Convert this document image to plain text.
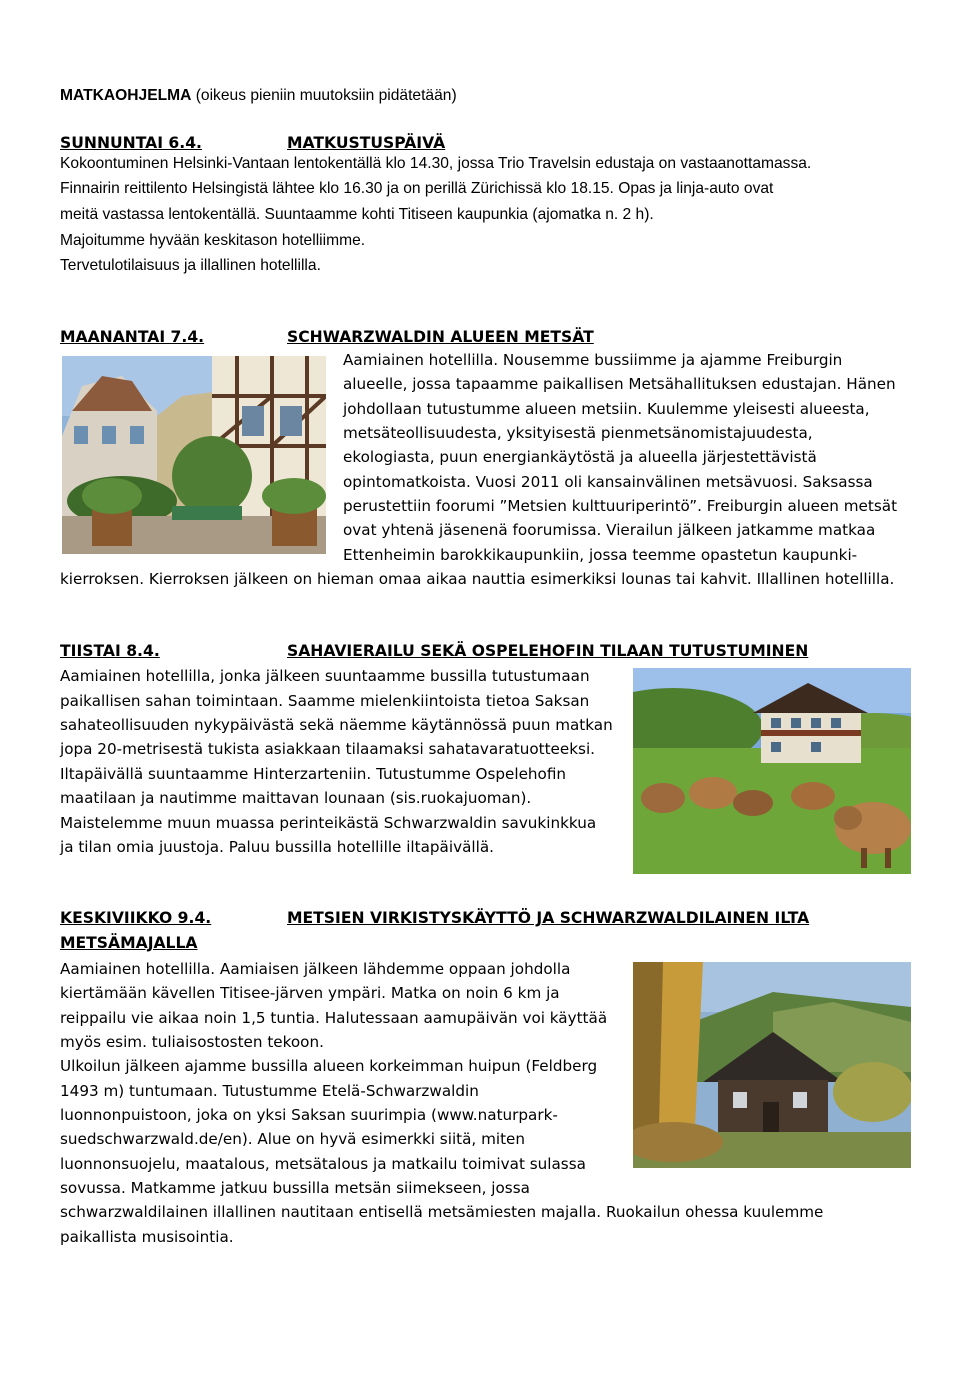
MATKAOHJELMA (oikeus pieniin muutoksiin pidätetään)
SUNNUNTAI 6.4.	MATKUSTUSPÄIVÄ
Kokoontuminen Helsinki-Vantaan lentokentällä klo 14.30, jossa Trio Travelsin edustaja on vastaanottamassa.
Finnairin reittilento Helsingistä lähtee klo 16.30 ja on perillä Zürichissä klo 18.15. Opas ja linja-auto ovat
meitä vastassa lentokentällä. Suuntaamme kohti Titiseen kaupunkia (ajomatka n. 2 h).
Majoitumme hyvään keskitason hotelliimme.
Tervetulotilaisuus ja illallinen hotellilla.
MAANANTAI 7.4.	SCHWARZWALDIN ALUEEN METSÄT
Aamiainen hotellilla. Nousemme bussiimme ja ajamme Freiburgin
alueelle, jossa tapaamme paikallisen Metsähallituksen edustajan. Hänen
johdollaan tutustumme alueen metsiin. Kuulemme yleisesti alueesta,
metsäteollisuudesta, yksityisestä pienmetsänomistajuudesta,
ekologiasta, puun energiankäytöstä ja alueella järjestettävistä
opintomatkoista. Vuosi 2011 oli kansainvälinen metsävuosi. Saksassa
perustettiin foorumi ”Metsien kulttuuriperintö”. Freiburgin alueen metsät
ovat yhtenä jäsenenä foorumissa. Vierailun jälkeen jatkamme matkaa
Ettenheimin barokkikaupunkiin, jossa teemme opastetun kaupunki-
kierroksen. Kierroksen jälkeen on hieman omaa aikaa nauttia esimerkiksi lounas tai kahvit. Illallinen hotellilla.
TIISTAI 8.4.	SAHAVIERAILU SEKÄ OSPELEHOFIN TILAAN TUTUSTUMINEN
Aamiainen hotellilla, jonka jälkeen suuntaamme bussilla tutustumaan
paikallisen sahan toimintaan. Saamme mielenkiintoista tietoa Saksan
sahateollisuuden nykypäivästä sekä näemme käytännössä puun matkan
jopa 20-metrisestä tukista asiakkaan tilaamaksi sahatavaratuotteeksi.
Iltapäivällä suuntaamme Hinterzarteniin. Tutustumme Ospelehofin
maatilaan ja nautimme maittavan lounaan (sis.ruokajuoman).
Maistelemme muun muassa perinteikästä Schwarzwaldin savukinkkua
ja tilan omia juustoja. Paluu bussilla hotellille iltapäivällä.
KESKIVIIKKO 9.4.	METSIEN VIRKISTYSKÄYTTÖ JA SCHWARZWALDILAINEN ILTA
METSÄMAJALLA
Aamiainen hotellilla. Aamiaisen jälkeen lähdemme oppaan johdolla
kiertämään kävellen Titisee-järven ympäri. Matka on noin 6 km ja
reippailu vie aikaa noin 1,5 tuntia. Halutessaan aamupäivän voi käyttää
myös esim. tuliaisostosten tekoon.
Ulkoilun jälkeen ajamme bussilla alueen korkeimman huipun (Feldberg
1493 m) tuntumaan. Tutustumme Etelä-Schwarzwaldin
luonnonpuistoon, joka on yksi Saksan suurimpia (www.naturpark-
suedschwarzwald.de/en). Alue on hyvä esimerkki siitä, miten
luonnonsuojelu, maatalous, metsätalous ja matkailu toimivat sulassa
sovussa. Matkamme jatkuu bussilla metsän siimekseen, jossa
schwarzwaldilainen illallinen nautitaan entisellä metsämiesten majalla. Ruokailun ohessa kuulemme
paikallista musisointia.
